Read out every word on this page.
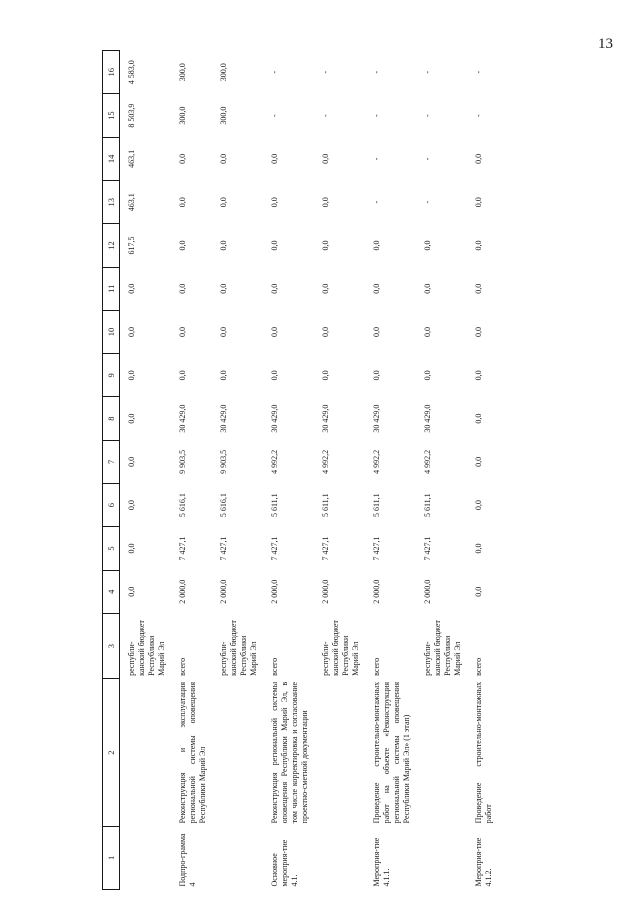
13
1	2	3	4	5	6	7	8	9	10	11	12	13	14	15	16
		республи-канский бюджет Республики Марий Эл	0,0	0,0	0,0	0,0	0,0	0,0	0,0	0,0	617,5	463,1	463,1	8 503,9	4 583,0
Подпро-грамма 4	Реконструкция и эксплуатация региональной системы оповещения Республики Марий Эл	всего	2 000,0	7 427,1	5 616,1	9 903,5	30 429,0	0,0	0,0	0,0	0,0	0,0	0,0	300,0	300,0
		республи-канский бюджет Республики Марий Эл	2 000,0	7 427,1	5 616,1	9 903,5	30 429,0	0,0	0,0	0,0	0,0	0,0	0,0	300,0	300,0
Основное мероприя-тие 4.1.	Реконструкция региональной системы оповещения Республики Марий Эл, в том числе корректировка и согласование проектно-сметной документации	всего	2 000,0	7 427,1	5 611,1	4 992,2	30 429,0	0,0	0,0	0,0	0,0	0,0	0,0	-	-
		республи-канский бюджет Республики Марий Эл	2 000,0	7 427,1	5 611,1	4 992,2	30 429,0	0,0	0,0	0,0	0,0	0,0	0,0	-	-
Мероприя-тие 4.1.1.	Проведение строительно-монтажных работ на объекте «Реконструкция региональной системы оповещения Республики Марий Эл» (1 этап)	всего	2 000,0	7 427,1	5 611,1	4 992,2	30 429,0	0,0	0,0	0,0	0,0	-	-	-	-
		республи-канский бюджет Республики Марий Эл	2 000,0	7 427,1	5 611,1	4 992,2	30 429,0	0,0	0,0	0,0	0,0	-	-	-	-
Мероприя-тие 4.1.2.	Проведение строительно-монтажных работ	всего	0,0	0,0	0,0	0,0	0,0	0,0	0,0	0,0	0,0	0,0	0,0	-	-
